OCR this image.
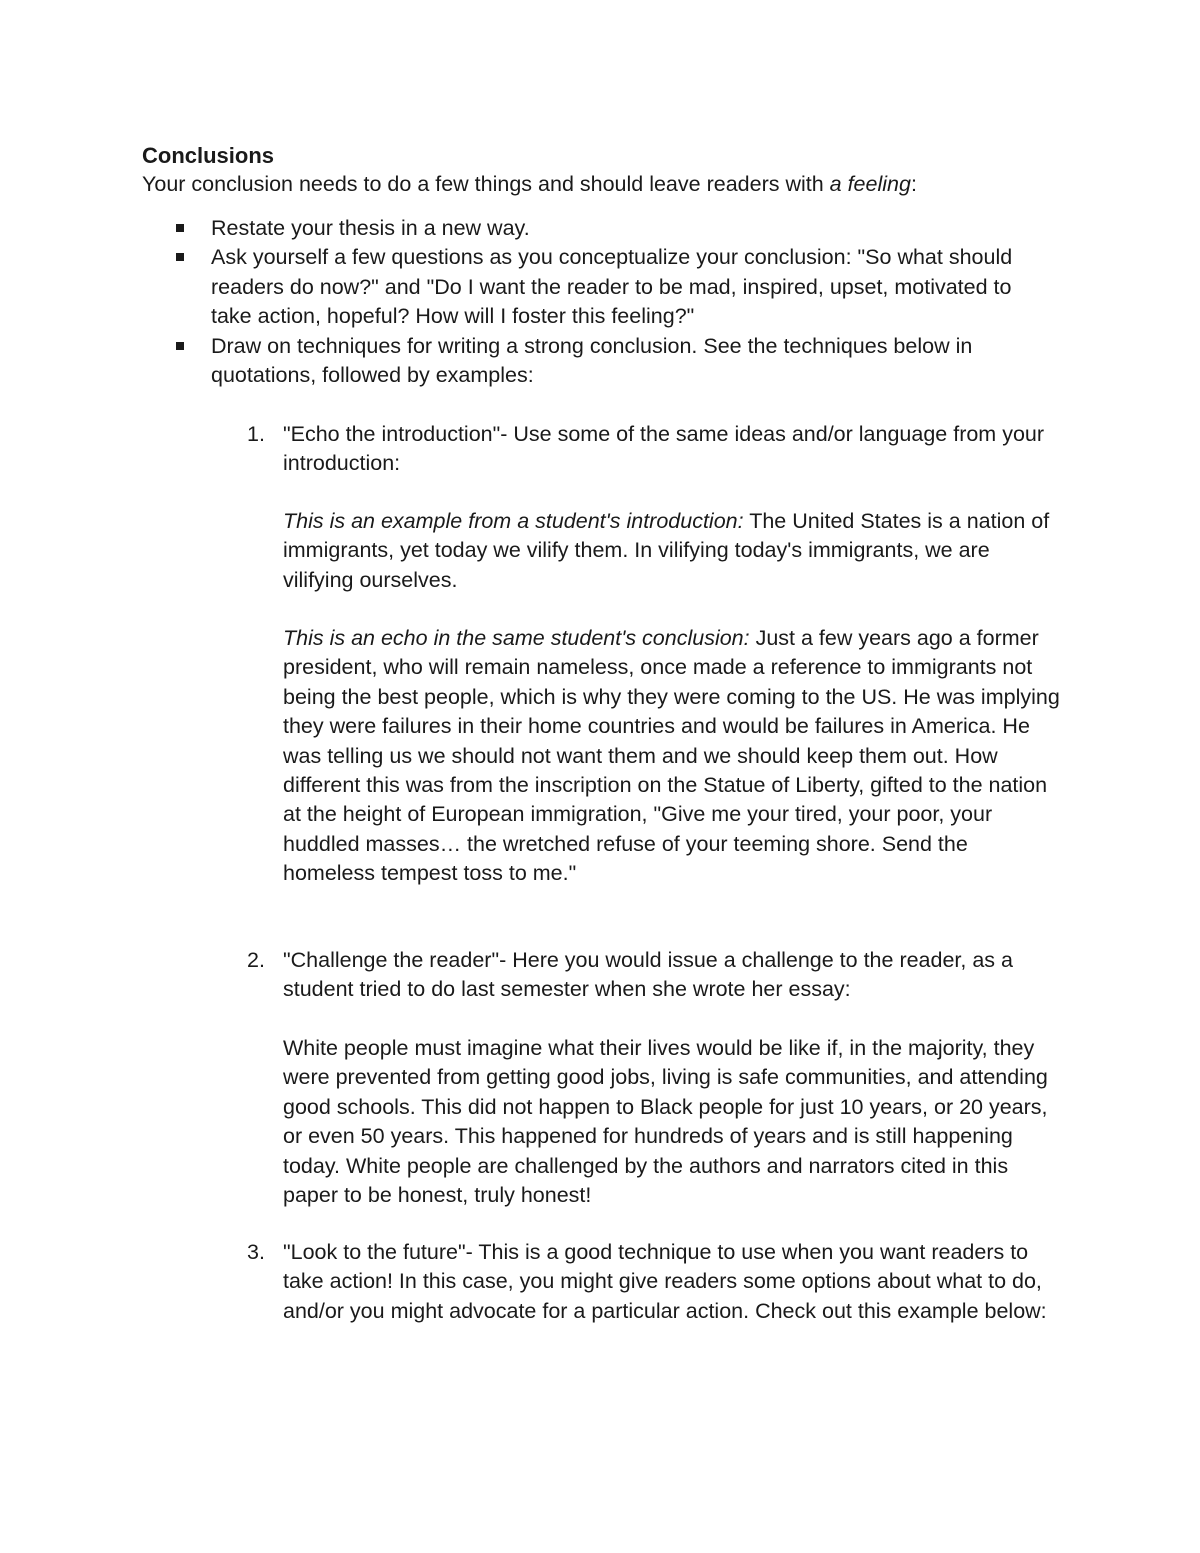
Conclusions
Your conclusion needs to do a few things and should leave readers with a feeling:
Restate your thesis in a new way.
Ask yourself a few questions as you conceptualize your conclusion: "So what should readers do now?" and "Do I want the reader to be mad, inspired, upset, motivated to take action, hopeful? How will I foster this feeling?"
Draw on techniques for writing a strong conclusion. See the techniques below in quotations, followed by examples:
1. "Echo the introduction"- Use some of the same ideas and/or language from your introduction:
This is an example from a student's introduction: The United States is a nation of immigrants, yet today we vilify them. In vilifying today's immigrants, we are vilifying ourselves.
This is an echo in the same student's conclusion: Just a few years ago a former president, who will remain nameless, once made a reference to immigrants not being the best people, which is why they were coming to the US. He was implying they were failures in their home countries and would be failures in America. He was telling us we should not want them and we should keep them out. How different this was from the inscription on the Statue of Liberty, gifted to the nation at the height of European immigration, "Give me your tired, your poor, your huddled masses… the wretched refuse of your teeming shore. Send the homeless tempest toss to me."
2. "Challenge the reader"- Here you would issue a challenge to the reader, as a student tried to do last semester when she wrote her essay:
White people must imagine what their lives would be like if, in the majority, they were prevented from getting good jobs, living is safe communities, and attending good schools. This did not happen to Black people for just 10 years, or 20 years, or even 50 years. This happened for hundreds of years and is still happening today. White people are challenged by the authors and narrators cited in this paper to be honest, truly honest!
3. "Look to the future"- This is a good technique to use when you want readers to take action! In this case, you might give readers some options about what to do, and/or you might advocate for a particular action. Check out this example below:
